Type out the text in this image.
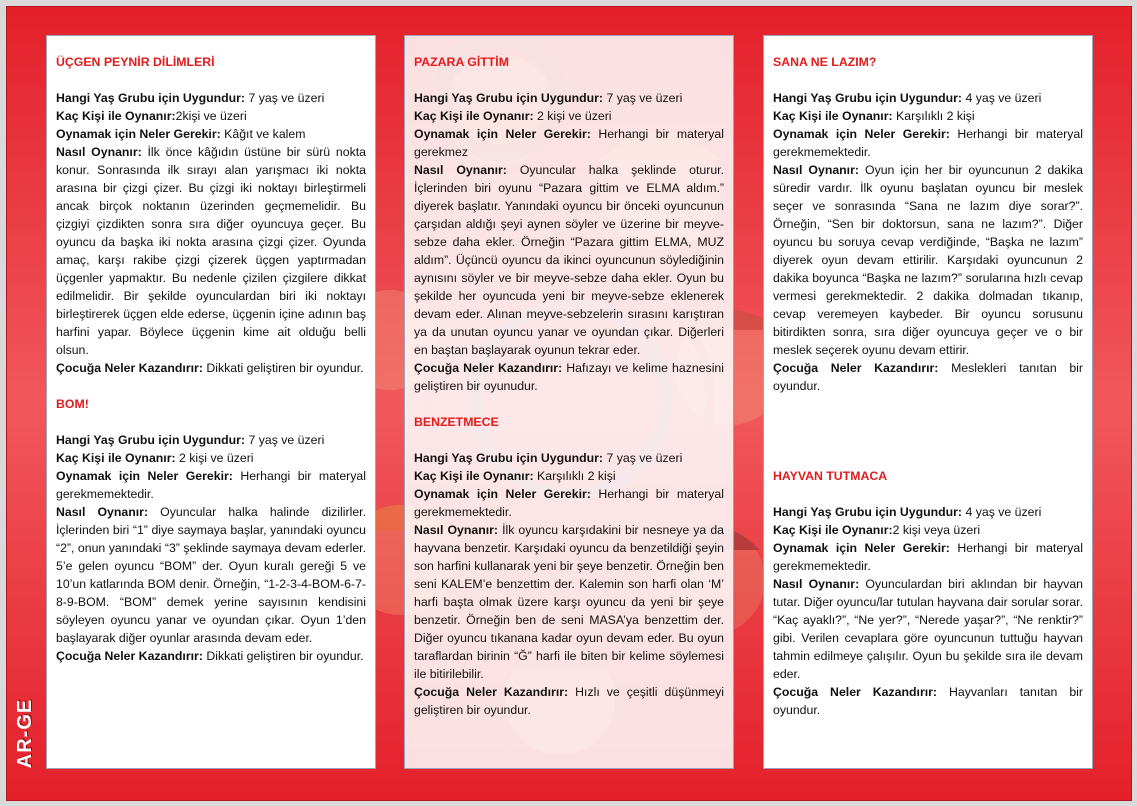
ÜÇGEN PEYNİR DİLİMLERİ

Hangi Yaş Grubu için Uygundur: 7 yaş ve üzeri

Kaç Kişi ile Oynanır:2kişi ve üzeri

Oynamak için Neler Gerekir: Kâğıt ve kalem

Nasıl Oynanır: İlk önce kâğıdın üstüne bir sürü nokta konur. Sonrasında ilk sırayı alan yarışmacı iki nokta arasına bir çizgi çizer. Bu çizgi iki noktayı birleştirmeli ancak birçok noktanın üzerinden geçmemelidir. Bu çizgiyi çizdikten sonra sıra diğer oyuncuya geçer. Bu oyuncu da başka iki nokta arasına çizgi çizer. Oyunda amaç, karşı rakibe çizgi çizerek üçgen yaptırmadan üçgenler yapmaktır. Bu nedenle çizilen çizgilere dikkat edilmelidir. Bir şekilde oyunculardan biri iki noktayı birleştirerek üçgen elde ederse, üçgenin içine adının baş harfini yapar. Böylece üçgenin kime ait olduğu belli olsun.

Çocuğa Neler Kazandırır: Dikkati geliştiren bir oyundur.

BOM!

Hangi Yaş Grubu için Uygundur: 7 yaş ve üzeri

Kaç Kişi ile Oynanır: 2 kişi ve üzeri

Oynamak için Neler Gerekir: Herhangi bir materyal gerekmemektedir.

Nasıl Oynanır: Oyuncular halka halinde dizilirler. İçlerinden biri “1” diye saymaya başlar, yanındaki oyuncu “2”, onun yanındaki “3” şeklinde saymaya devam ederler. 5’e gelen oyuncu “BOM” der. Oyun kuralı gereği 5 ve 10’un katlarında BOM denir. Örneğin, “1-2-3-4-BOM-6-7-8-9-BOM. “BOM” demek yerine sayısının kendisini söyleyen oyuncu yanar ve oyundan çıkar. Oyun 1’den başlayarak diğer oyunlar arasında devam eder.

Çocuğa Neler Kazandırır: Dikkati geliştiren bir oyundur.

PAZARA GİTTİM

Hangi Yaş Grubu için Uygundur: 7 yaş ve üzeri

Kaç Kişi ile Oynanır: 2 kişi ve üzeri

Oynamak için Neler Gerekir: Herhangi bir materyal gerekmez

Nasıl Oynanır: Oyuncular halka şeklinde oturur. İçlerinden biri oyunu “Pazara gittim ve ELMA aldım.” diyerek başlatır. Yanındaki oyuncu bir önceki oyuncunun çarşıdan aldığı şeyi aynen söyler ve üzerine bir meyve-sebze daha ekler. Örneğin “Pazara gittim ELMA, MUZ aldım”. Üçüncü oyuncu da ikinci oyuncunun söylediğinin aynısını söyler ve bir meyve-sebze daha ekler. Oyun bu şekilde her oyuncuda yeni bir meyve-sebze eklenerek devam eder. Alınan meyve-sebzelerin sırasını karıştıran ya da unutan oyuncu yanar ve oyundan çıkar. Diğerleri en baştan başlayarak oyunun tekrar eder.

Çocuğa Neler Kazandırır: Hafızayı ve kelime haznesini geliştiren bir oyunudur.

BENZETMECE

Hangi Yaş Grubu için Uygundur: 7 yaş ve üzeri

Kaç Kişi ile Oynanır: Karşılıklı 2 kişi

Oynamak için Neler Gerekir: Herhangi bir materyal gerekmemektedir.

Nasıl Oynanır: İlk oyuncu karşıdakini bir nesneye ya da hayvana benzetir. Karşıdaki oyuncu da benzetildiği şeyin son harfini kullanarak yeni bir şeye benzetir. Örneğin ben seni KALEM’e benzettim der. Kalemin son harfi olan ‘M’ harfi başta olmak üzere karşı oyuncu da yeni bir şeye benzetir. Örneğin ben de seni MASA’ya benzettim der. Diğer oyuncu tıkanana kadar oyun devam eder. Bu oyun taraflardan birinin “Ğ” harfi ile biten bir kelime söylemesi ile bitirilebilir.

Çocuğa Neler Kazandırır: Hızlı ve çeşitli düşünmeyi geliştiren bir oyundur.

SANA NE LAZIM?

Hangi Yaş Grubu için Uygundur: 4 yaş ve üzeri

Kaç Kişi ile Oynanır: Karşılıklı 2 kişi

Oynamak için Neler Gerekir: Herhangi bir materyal gerekmemektedir.

Nasıl Oynanır: Oyun için her bir oyuncunun 2 dakika süredir vardır. İlk oyunu başlatan oyuncu bir meslek seçer ve sonrasında “Sana ne lazım diye sorar?”. Örneğin, “Sen bir doktorsun, sana ne lazım?”. Diğer oyuncu bu soruya cevap verdiğinde, “Başka ne lazım” diyerek oyun devam ettirilir. Karşıdaki oyuncunun 2 dakika boyunca “Başka ne lazım?” sorularına hızlı cevap vermesi gerekmektedir. 2 dakika dolmadan tıkanıp, cevap veremeyen kaybeder. Bir oyuncu sorusunu bitirdikten sonra, sıra diğer oyuncuya geçer ve o bir meslek seçerek oyunu devam ettirir.

Çocuğa Neler Kazandırır: Meslekleri tanıtan bir oyundur.

HAYVAN TUTMACA

Hangi Yaş Grubu için Uygundur: 4 yaş ve üzeri

Kaç Kişi ile Oynanır:2 kişi veya üzeri

Oynamak için Neler Gerekir: Herhangi bir materyal gerekmemektedir.

Nasıl Oynanır: Oyunculardan biri aklından bir hayvan tutar. Diğer oyuncu/lar tutulan hayvana dair sorular sorar. “Kaç ayaklı?”, “Ne yer?”, “Nerede yaşar?”, “Ne renktir?” gibi. Verilen cevaplara göre oyuncunun tuttuğu hayvan tahmin edilmeye çalışılır. Oyun bu şekilde sıra ile devam eder.

Çocuğa Neler Kazandırır: Hayvanları tanıtan bir oyundur.

AR-GE
